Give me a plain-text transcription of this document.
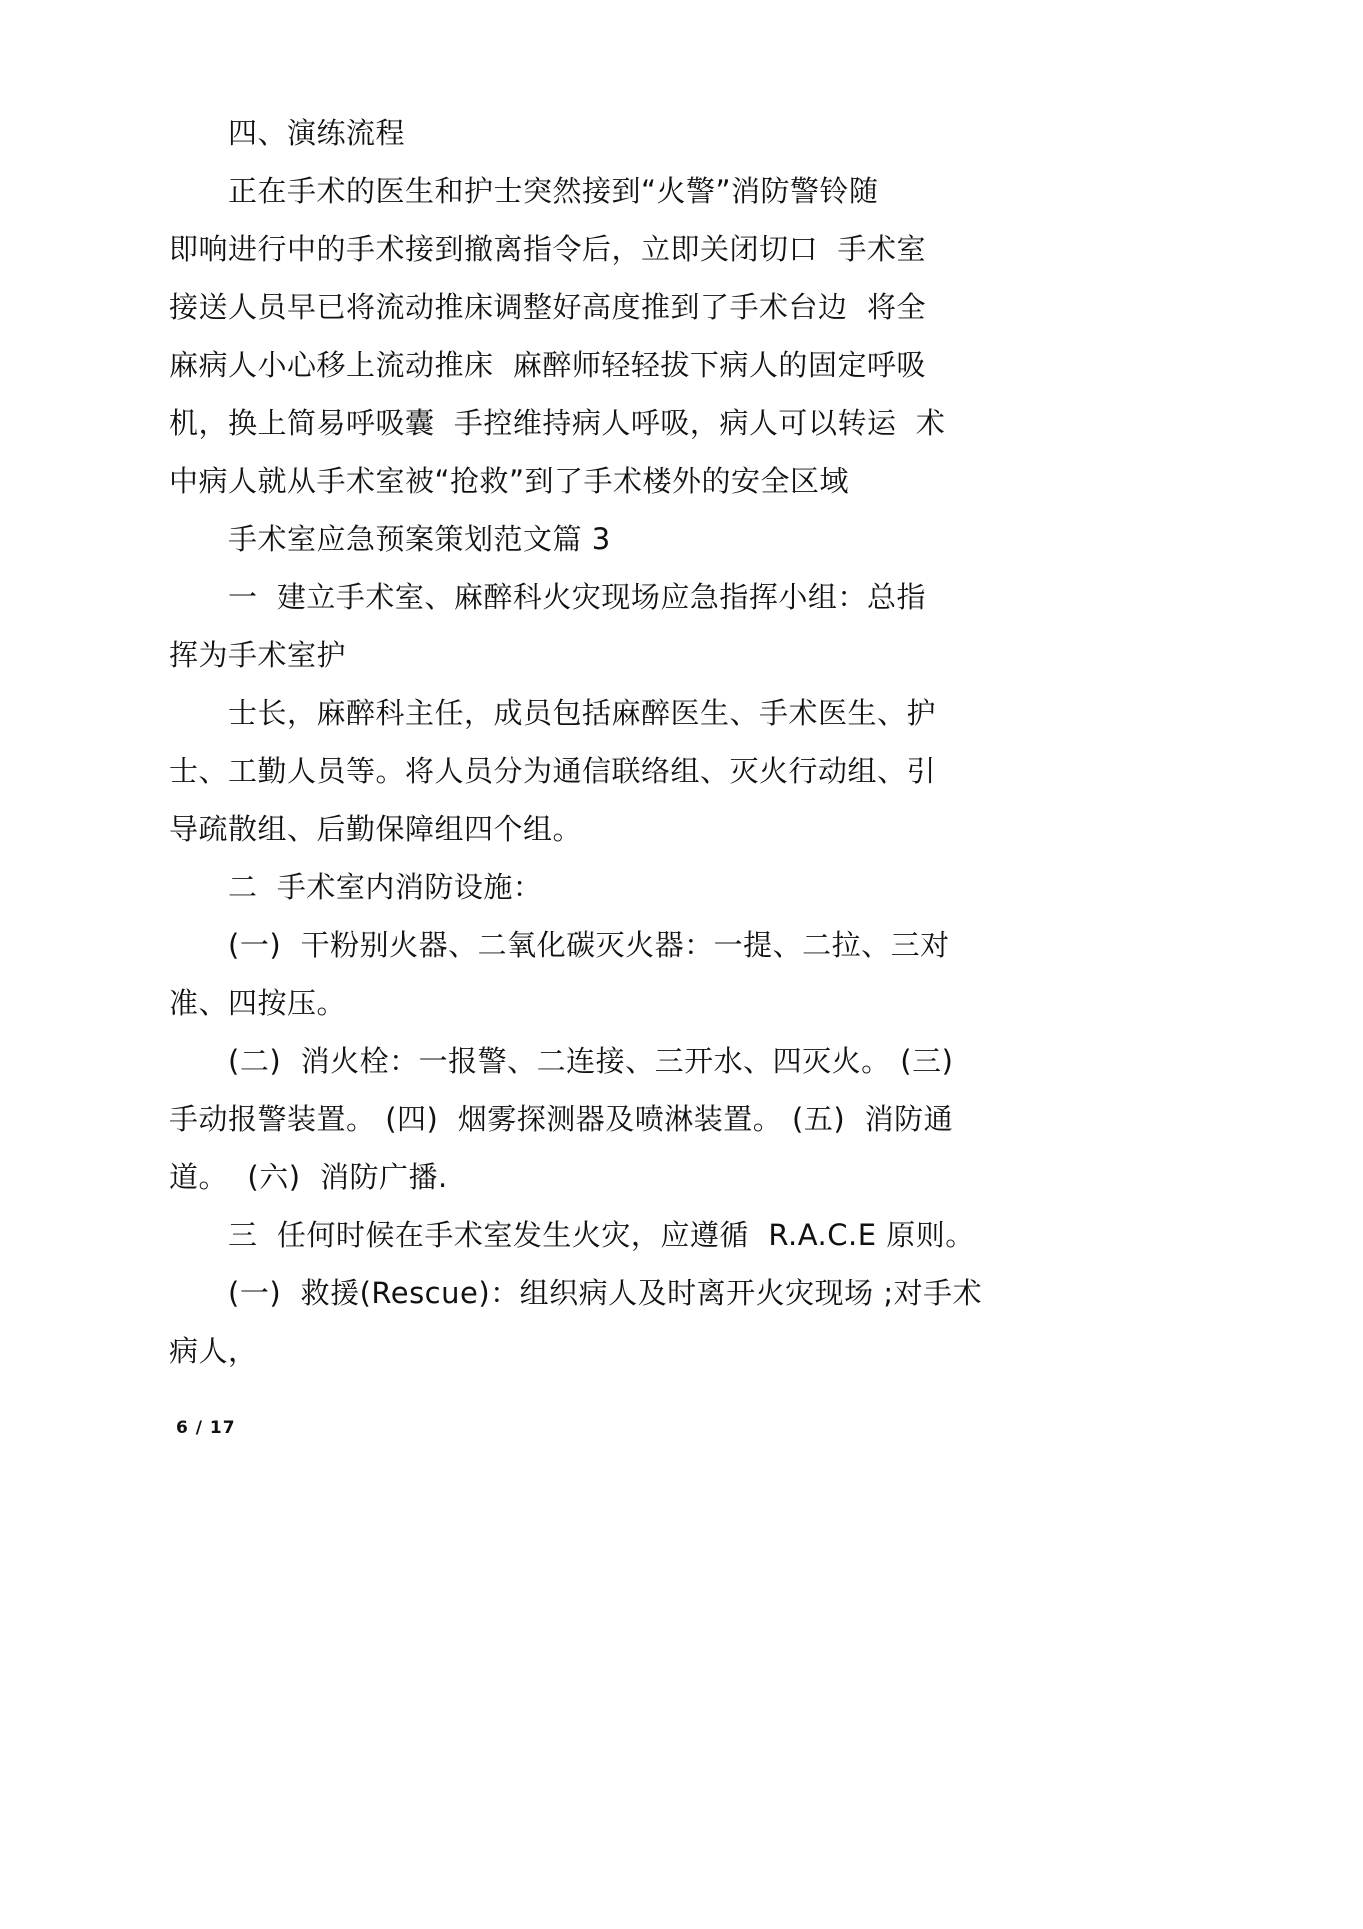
四、演练流程
正在手术的医生和护士突然接到“火警”消防警铃随
即响进行中的手术接到撤离指令后，立即关闭切口  手术室
接送人员早已将流动推床调整好高度推到了手术台边  将全
麻病人小心移上流动推床  麻醉师轻轻拔下病人的固定呼吸
机，换上简易呼吸囊  手控维持病人呼吸，病人可以转运  术
中病人就从手术室被“抢救”到了手术楼外的安全区域
手术室应急预案策划范文篇 3
一  建立手术室、麻醉科火灾现场应急指挥小组：总指
挥为手术室护
士长，麻醉科主任，成员包括麻醉医生、手术医生、护
士、工勤人员等。将人员分为通信联络组、灭火行动组、引
导疏散组、后勤保障组四个组。
二  手术室内消防设施：
(一)  干粉别火器、二氧化碳灭火器：一提、二拉、三对
准、四按压。
(二)  消火栓：一报警、二连接、三开水、四灭火。 (三)
手动报警装置。 (四)  烟雾探测器及喷淋装置。 (五)  消防通
道。  (六)  消防广播.
三  任何时候在手术室发生火灾，应遵循  R.A.C.E 原则。
(一)  救援(Rescue)：组织病人及时离开火灾现场 ;对手术
病人，
6 / 17
